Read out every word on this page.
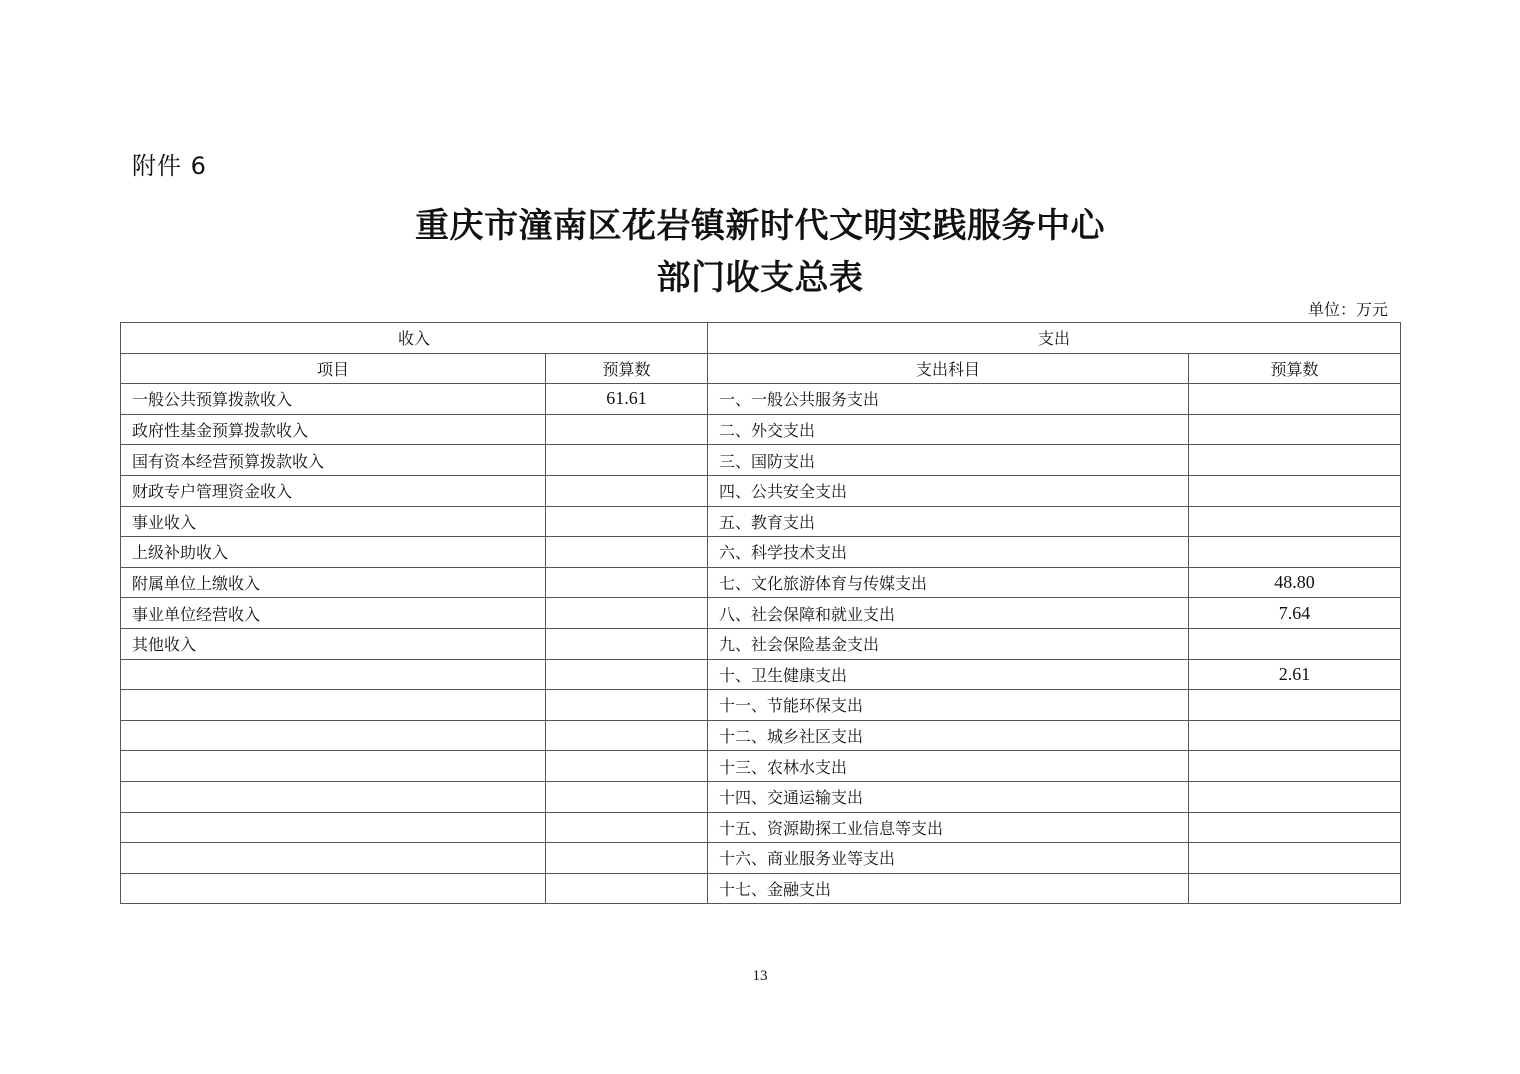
附件 6
重庆市潼南区花岩镇新时代文明实践服务中心
部门收支总表
单位：万元
收入		支出	
项目	预算数	支出科目	预算数
一般公共预算拨款收入	61.61	一、一般公共服务支出	
政府性基金预算拨款收入		二、外交支出	
国有资本经营预算拨款收入		三、国防支出	
财政专户管理资金收入		四、公共安全支出	
事业收入		五、教育支出	
上级补助收入		六、科学技术支出	
附属单位上缴收入		七、文化旅游体育与传媒支出	48.80
事业单位经营收入		八、社会保障和就业支出	7.64
其他收入		九、社会保险基金支出	
		十、卫生健康支出	2.61
		十一、节能环保支出	
		十二、城乡社区支出	
		十三、农林水支出	
		十四、交通运输支出	
		十五、资源勘探工业信息等支出	
		十六、商业服务业等支出	
		十七、金融支出	
13
